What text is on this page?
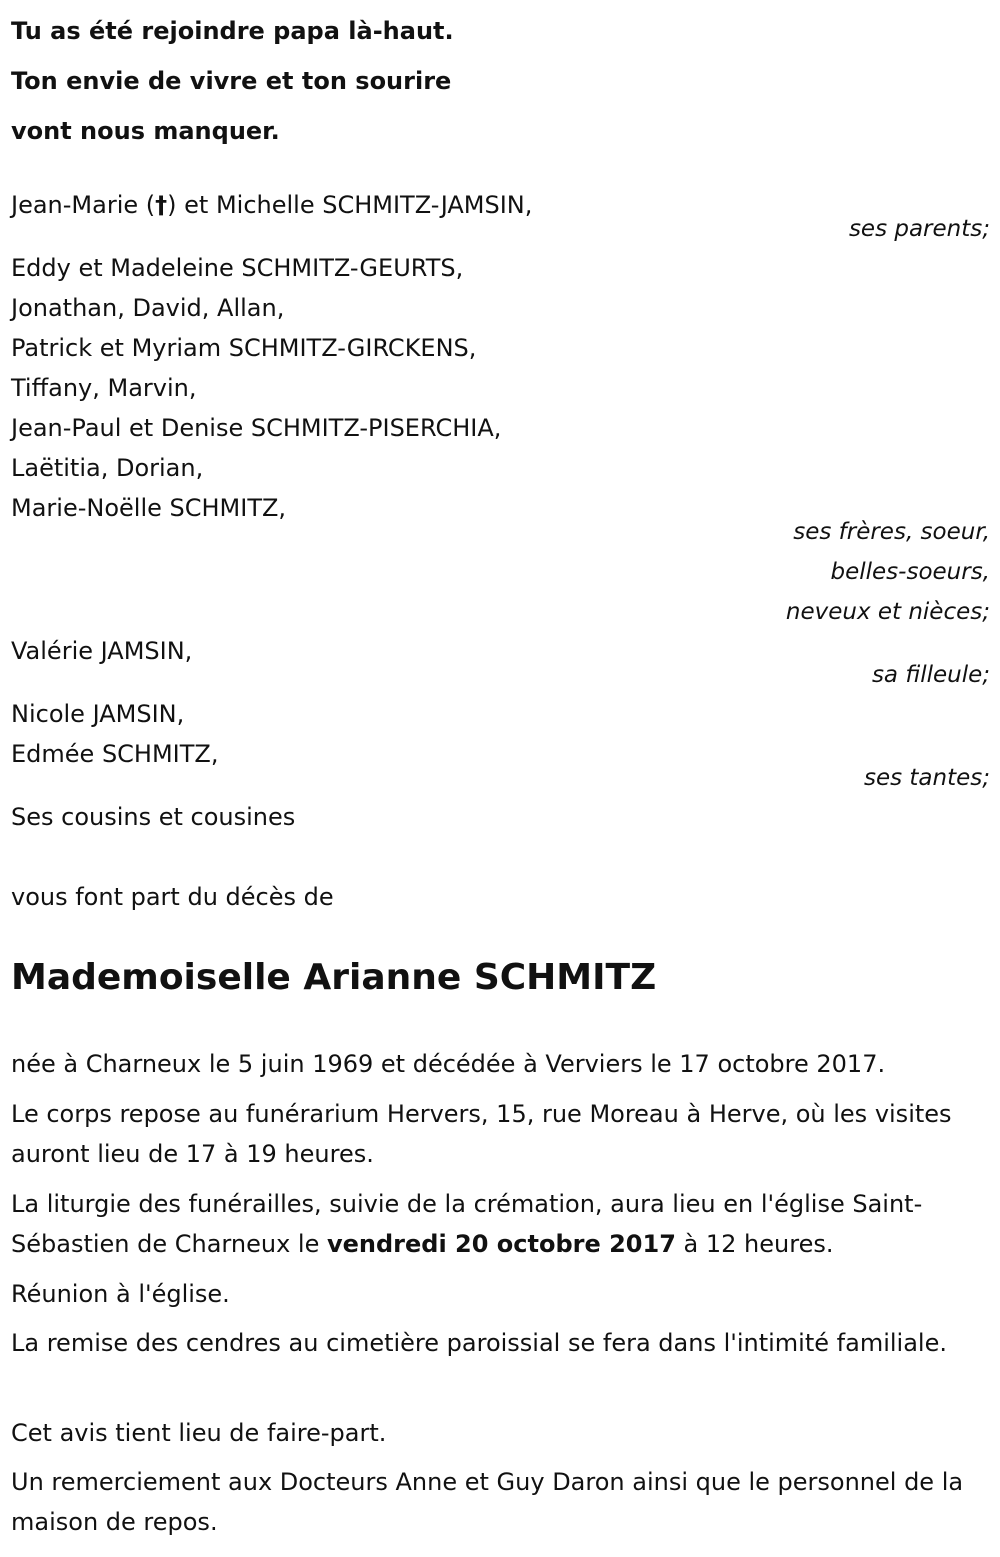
Tu as été rejoindre papa là-haut.

Ton envie de vivre et ton sourire

vont nous manquer.

Jean-Marie (†) et Michelle SCHMITZ-JAMSIN,

ses parents;

Eddy et Madeleine SCHMITZ-GEURTS,

Jonathan, David, Allan,

Patrick et Myriam SCHMITZ-GIRCKENS,

Tiffany, Marvin,

Jean-Paul et Denise SCHMITZ-PISERCHIA,

Laëtitia, Dorian,

Marie-Noëlle SCHMITZ,

ses frères, soeur,

belles-soeurs,

neveux et nièces;

Valérie JAMSIN,

sa filleule;

Nicole JAMSIN,

Edmée SCHMITZ,

ses tantes;

Ses cousins et cousines

vous font part du décès de

Mademoiselle Arianne SCHMITZ

née à Charneux le 5 juin 1969 et décédée à Verviers le 17 octobre 2017.

Le corps repose au funérarium Hervers, 15, rue Moreau à Herve, où les visites auront lieu de 17 à 19 heures.

La liturgie des funérailles, suivie de la crémation, aura lieu en l'église Saint-Sébastien de Charneux le vendredi 20 octobre 2017 à 12 heures.

Réunion à l'église.

La remise des cendres au cimetière paroissial se fera dans l'intimité familiale.

Cet avis tient lieu de faire-part.

Un remerciement aux Docteurs Anne et Guy Daron ainsi que le personnel de la maison de repos.
